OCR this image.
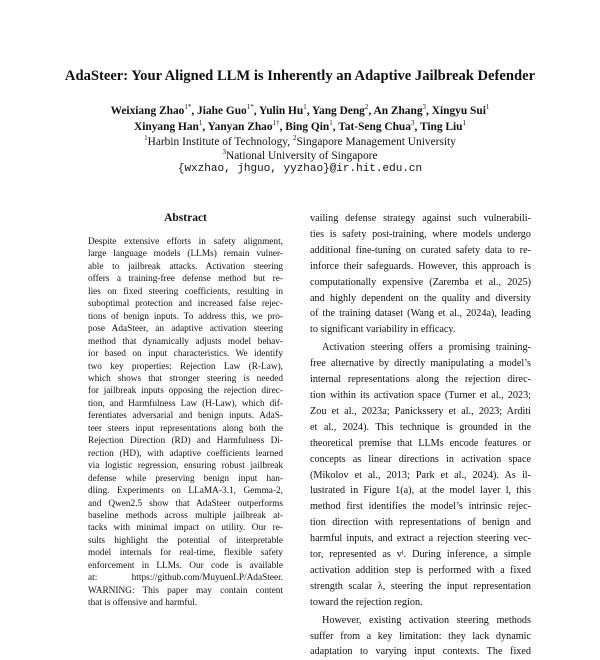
AdaSteer: Your Aligned LLM is Inherently an Adaptive Jailbreak Defender
Weixiang Zhao$^{1*}$, Jiahe Guo$^{1*}$, Yulin Hu$^1$, Yang Deng$^2$, An Zhang$^3$, Xingyu Sui$^1$
Xinyang Han$^1$, Yanyan Zhao$^{1\dagger}$, Bing Qin$^1$, Tat-Seng Chua$^3$, Ting Liu$^1$
$^1$Harbin Institute of Technology, $^2$Singapore Management University
$^3$National University of Singapore
{wxzhao, jhguo, yyzhao}@ir.hit.edu.cn
Abstract
Despite extensive efforts in safety alignment,
large language models (LLMs) remain vulner-
able to jailbreak attacks. Activation steering
offers a training-free defense method but re-
lies on fixed steering coefficients, resulting in
suboptimal protection and increased false rejec-
tions of benign inputs. To address this, we pro-
pose AdaSteer, an adaptive activation steering
method that dynamically adjusts model behav-
ior based on input characteristics. We identify
two key properties: Rejection Law (R-Law),
which shows that stronger steering is needed
for jailbreak inputs opposing the rejection direc-
tion, and Harmfulness Law (H-Law), which dif-
ferentiates adversarial and benign inputs. AdaS-
teer steers input representations along both the
Rejection Direction (RD) and Harmfulness Di-
rection (HD), with adaptive coefficients learned
via logistic regression, ensuring robust jailbreak
defense while preserving benign input han-
dling. Experiments on LLaMA-3.1, Gemma-2,
and Qwen2.5 show that AdaSteer outperforms
baseline methods across multiple jailbreak at-
tacks with minimal impact on utility. Our re-
sults highlight the potential of interpretable
model internals for real-time, flexible safety
enforcement in LLMs. Our code is available
at: https://github.com/MuyuenLP/AdaSteer.
WARNING: This paper may contain content
that is offensive and harmful.
vailing defense strategy against such vulnerabili-
ties is safety post-training, where models undergo
additional fine-tuning on curated safety data to re-
inforce their safeguards. However, this approach is
computationally expensive (Zaremba et al., 2025)
and highly dependent on the quality and diversity
of the training dataset (Wang et al., 2024a), leading
to significant variability in efficacy.
Activation steering offers a promising training-
free alternative by directly manipulating a model’s
internal representations along the rejection direc-
tion within its activation space (Turner et al., 2023;
Zou et al., 2023a; Panickssery et al., 2023; Arditi
et al., 2024). This technique is grounded in the
theoretical premise that LLMs encode features or
concepts as linear directions in activation space
(Mikolov et al., 2013; Park et al., 2024). As il-
lustrated in Figure 1(a), at the model layer l, this
method first identifies the model’s intrinsic rejec-
tion direction with representations of benign and
harmful inputs, and extract a rejection steering vec-
tor, represented as vˡ. During inference, a simple
activation addition step is performed with a fixed
strength scalar λ, steering the input representation
toward the rejection region.
However, existing activation steering methods
suffer from a key limitation: they lack dynamic
adaptation to varying input contexts. The fixed
